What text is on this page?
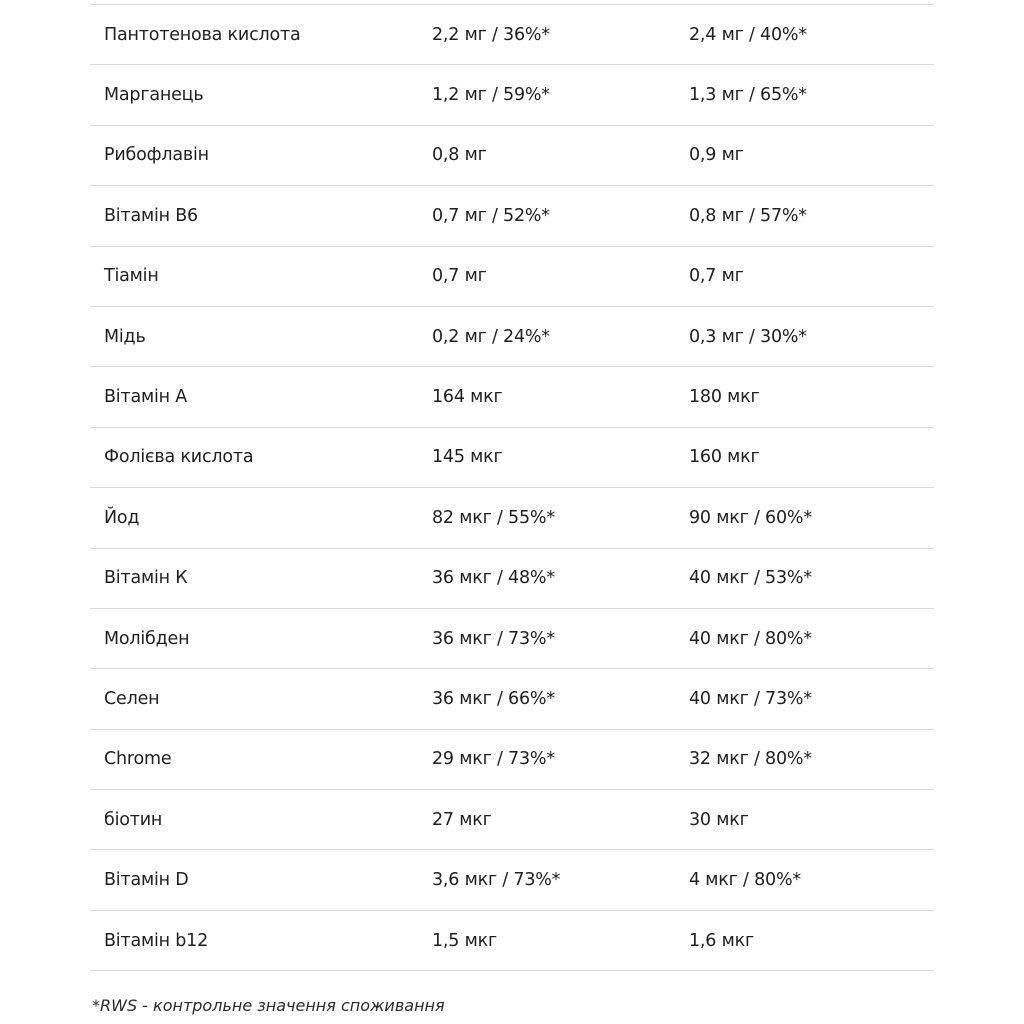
Пантотенова кислота	2,2 мг / 36%*	2,4 мг / 40%*
Марганець	1,2 мг / 59%*	1,3 мг / 65%*
Рибофлавін	0,8 мг	0,9 мг
Вітамін B6	0,7 мг / 52%*	0,8 мг / 57%*
Тіамін	0,7 мг	0,7 мг
Мідь	0,2 мг / 24%*	0,3 мг / 30%*
Вітамін А	164 мкг	180 мкг
Фолієва кислота	145 мкг	160 мкг
Йод	82 мкг / 55%*	90 мкг / 60%*
Вітамін К	36 мкг / 48%*	40 мкг / 53%*
Молібден	36 мкг / 73%*	40 мкг / 80%*
Селен	36 мкг / 66%*	40 мкг / 73%*
Chrome	29 мкг / 73%*	32 мкг / 80%*
біотин	27 мкг	30 мкг
Вітамін D	3,6 мкг / 73%*	4 мкг / 80%*
Вітамін b12	1,5 мкг	1,6 мкг
*RWS - контрольне значення споживання
